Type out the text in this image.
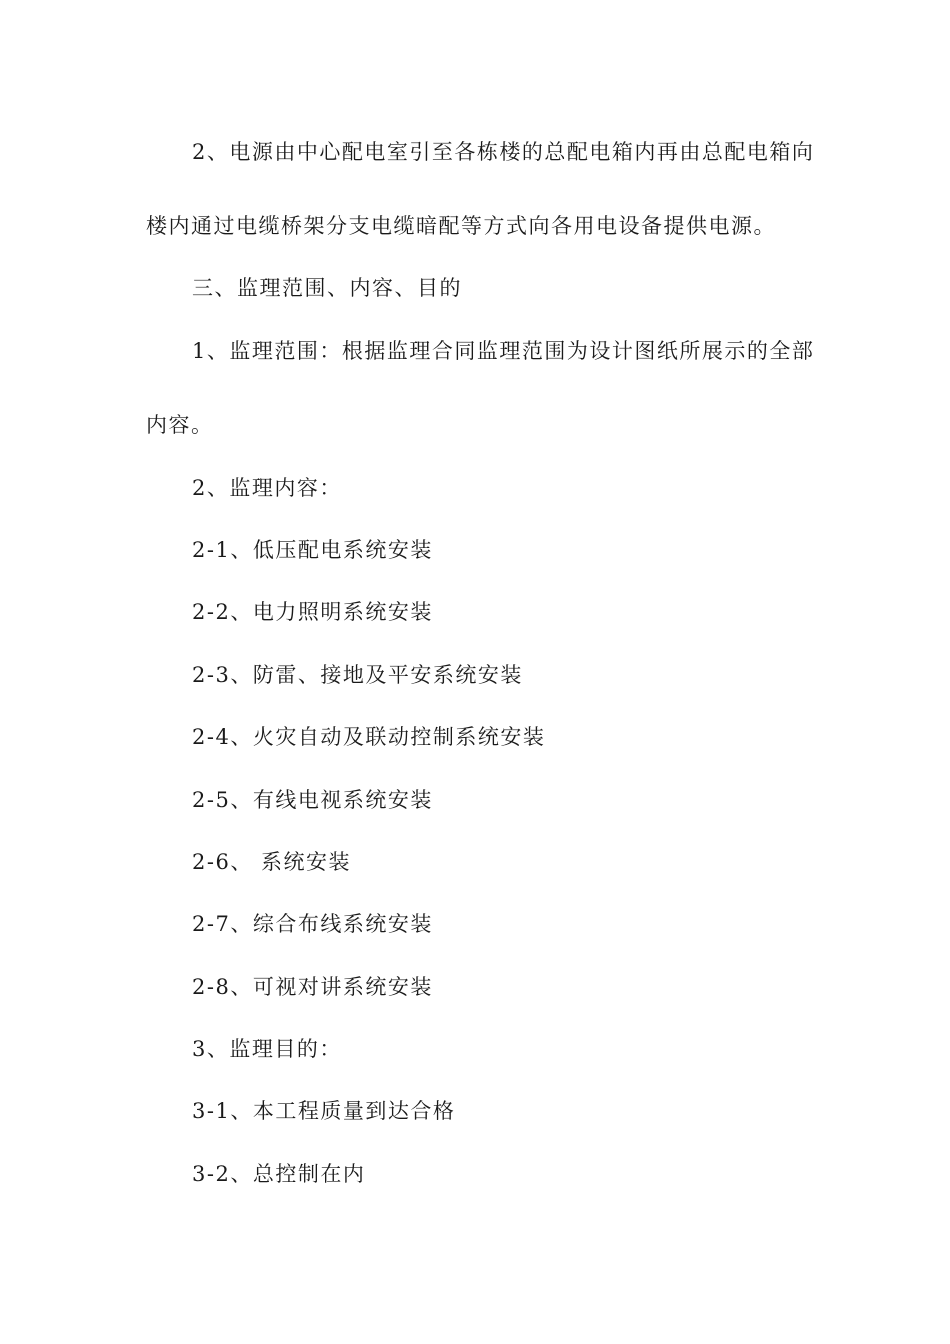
2、电源由中心配电室引至各栋楼的总配电箱内再由总配电箱向
楼内通过电缆桥架分支电缆暗配等方式向各用电设备提供电源。
三、监理范围、内容、目的
1、监理范围：根据监理合同监理范围为设计图纸所展示的全部
内容。
2、监理内容：
2-1、低压配电系统安装
2-2、电力照明系统安装
2-3、防雷、接地及平安系统安装
2-4、火灾自动及联动控制系统安装
2-5、有线电视系统安装
2-6、 系统安装
2-7、综合布线系统安装
2-8、可视对讲系统安装
3、监理目的：
3-1、本工程质量到达合格
3-2、总控制在内
